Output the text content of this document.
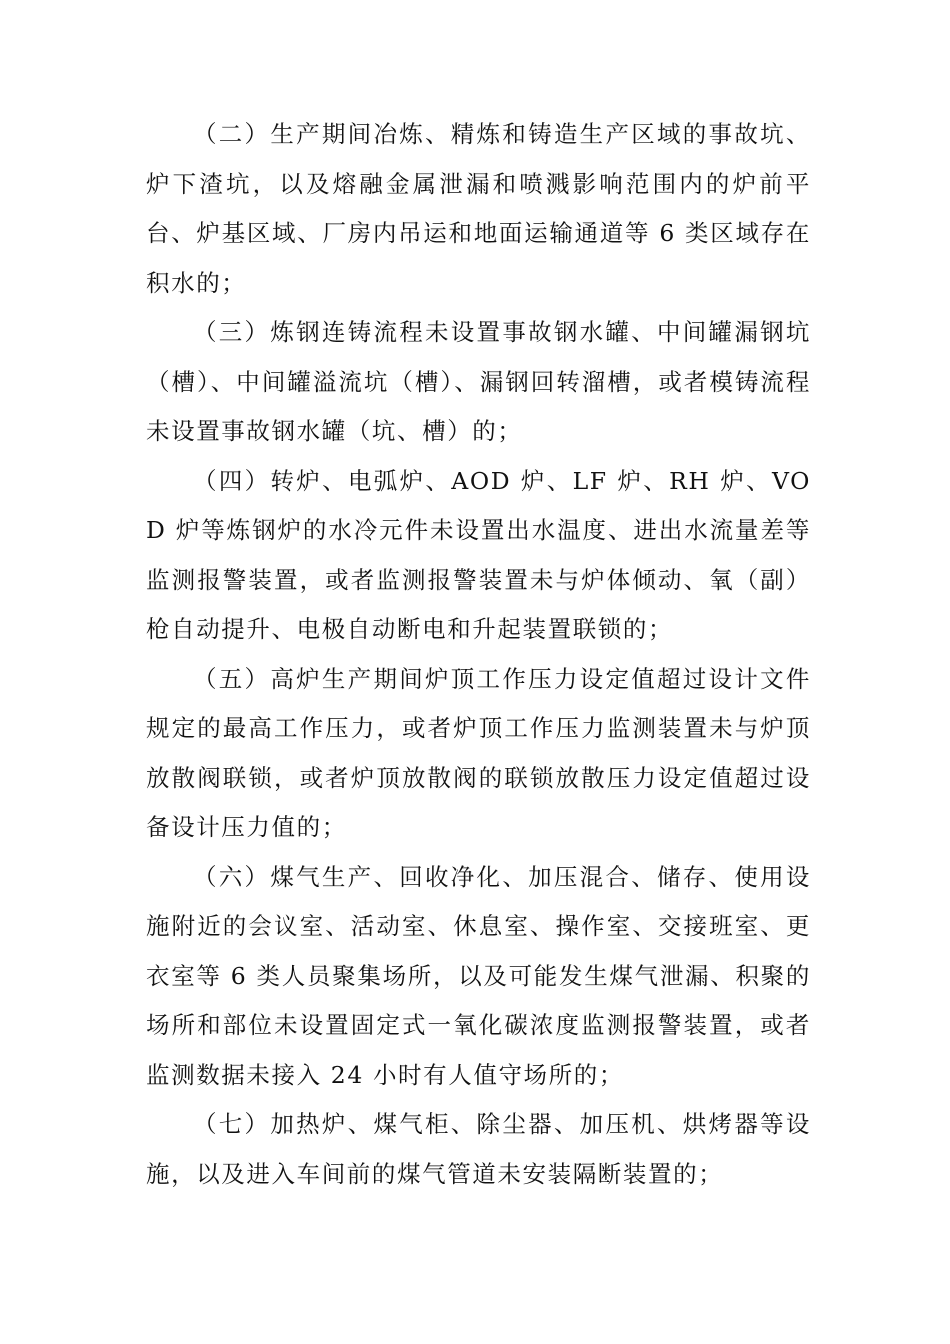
（二）生产期间冶炼、精炼和铸造生产区域的事故坑、炉下渣坑，以及熔融金属泄漏和喷溅影响范围内的炉前平台、炉基区域、厂房内吊运和地面运输通道等 6 类区域存在积水的；

（三）炼钢连铸流程未设置事故钢水罐、中间罐漏钢坑（槽）、中间罐溢流坑（槽）、漏钢回转溜槽，或者模铸流程未设置事故钢水罐（坑、槽）的；

（四）转炉、电弧炉、AOD 炉、LF 炉、RH 炉、VOD 炉等炼钢炉的水冷元件未设置出水温度、进出水流量差等监测报警装置，或者监测报警装置未与炉体倾动、氧（副）枪自动提升、电极自动断电和升起装置联锁的；

（五）高炉生产期间炉顶工作压力设定值超过设计文件规定的最高工作压力，或者炉顶工作压力监测装置未与炉顶放散阀联锁，或者炉顶放散阀的联锁放散压力设定值超过设备设计压力值的；

（六）煤气生产、回收净化、加压混合、储存、使用设施附近的会议室、活动室、休息室、操作室、交接班室、更衣室等 6 类人员聚集场所，以及可能发生煤气泄漏、积聚的场所和部位未设置固定式一氧化碳浓度监测报警装置，或者监测数据未接入 24 小时有人值守场所的；

（七）加热炉、煤气柜、除尘器、加压机、烘烤器等设施，以及进入车间前的煤气管道未安装隔断装置的；
